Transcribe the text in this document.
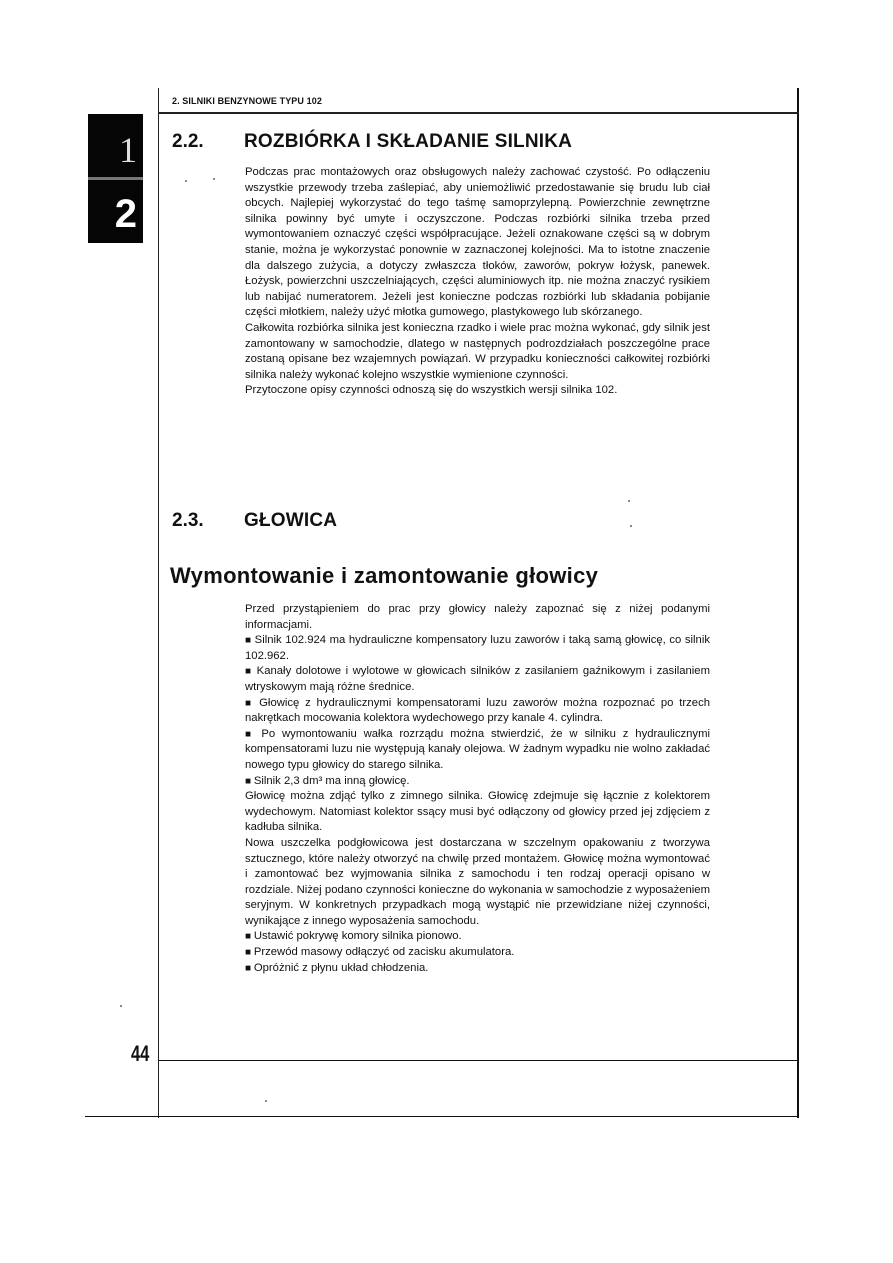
1
2
2. SILNIKI BENZYNOWE TYPU 102
2.2. ROZBIÓRKA I SKŁADANIE SILNIKA

Podczas prac montażowych oraz obsługowych należy zachować czystość. Po odłączeniu wszystkie przewody trzeba zaślepiać, aby uniemożliwić przedostawanie się brudu lub ciał obcych. Najlepiej wykorzystać do tego taśmę samoprzylepną. Powierzchnie zewnętrzne silnika powinny być umyte i oczyszczone. Podczas rozbiórki silnika trzeba przed wymontowaniem oznaczyć części współpracujące. Jeżeli oznakowane części są w dobrym stanie, można je wykorzystać ponownie w zaznaczonej kolejności. Ma to istotne znaczenie dla dalszego zużycia, a dotyczy zwłaszcza tłoków, zaworów, pokryw łożysk, panewek. Łożysk, powierzchni uszczelniających, części aluminiowych itp. nie można znaczyć rysikiem lub nabijać numeratorem. Jeżeli jest konieczne podczas rozbiórki lub składania pobijanie części młotkiem, należy użyć młotka gumowego, plastykowego lub skórzanego.

Całkowita rozbiórka silnika jest konieczna rzadko i wiele prac można wykonać, gdy silnik jest zamontowany w samochodzie, dlatego w następnych podrozdziałach poszczególne prace zostaną opisane bez wzajemnych powiązań. W przypadku konieczności całkowitej rozbiórki silnika należy wykonać kolejno wszystkie wymienione czynności.

Przytoczone opisy czynności odnoszą się do wszystkich wersji silnika 102.

2.3. GŁOWICA
Wymontowanie i zamontowanie głowicy

Przed przystąpieniem do prac przy głowicy należy zapoznać się z niżej podanymi informacjami.

■ Silnik 102.924 ma hydrauliczne kompensatory luzu zaworów i taką samą głowicę, co silnik 102.962.

■ Kanały dolotowe i wylotowe w głowicach silników z zasilaniem gaźnikowym i zasilaniem wtryskowym mają różne średnice.

■ Głowicę z hydraulicznymi kompensatorami luzu zaworów można rozpoznać po trzech nakrętkach mocowania kolektora wydechowego przy kanale 4. cylindra.

■ Po wymontowaniu wałka rozrządu można stwierdzić, że w silniku z hydraulicznymi kompensatorami luzu nie występują kanały olejowa. W żadnym wypadku nie wolno zakładać nowego typu głowicy do starego silnika.

■ Silnik 2,3 dm³ ma inną głowicę.

Głowicę można zdjąć tylko z zimnego silnika. Głowicę zdejmuje się łącznie z kolektorem wydechowym. Natomiast kolektor ssący musi być odłączony od głowicy przed jej zdjęciem z kadłuba silnika.

Nowa uszczelka podgłowicowa jest dostarczana w szczelnym opakowaniu z tworzywa sztucznego, które należy otworzyć na chwilę przed montażem. Głowicę można wymontować i zamontować bez wyjmowania silnika z samochodu i ten rodzaj operacji opisano w rozdziale. Niżej podano czynności konieczne do wykonania w samochodzie z wyposażeniem seryjnym. W konkretnych przypadkach mogą wystąpić nie przewidziane niżej czynności, wynikające z innego wyposażenia samochodu.

■ Ustawić pokrywę komory silnika pionowo.

■ Przewód masowy odłączyć od zacisku akumulatora.

■ Opróżnić z płynu układ chłodzenia.

44
